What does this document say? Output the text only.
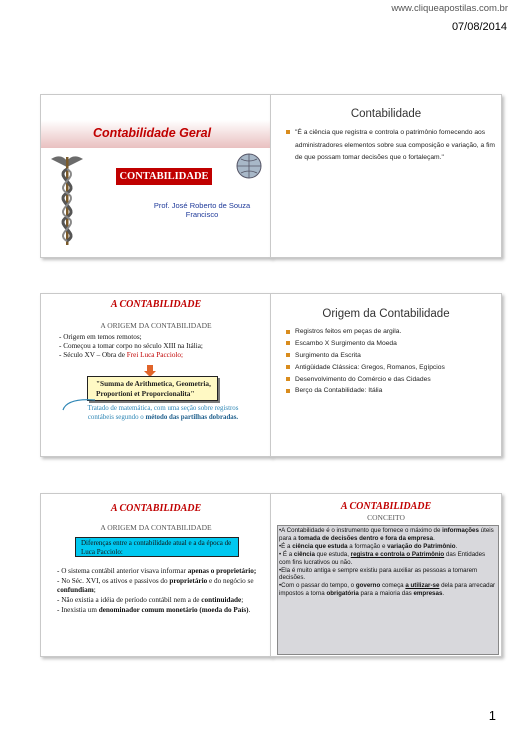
www.cliqueapostilas.com.br
07/08/2014
Contabilidade Geral
CONTABILIDADE
Prof. José Roberto de Souza
Francisco
Contabilidade
"É a ciência que registra e controla o patrimônio fornecendo aos administradores elementos sobre sua composição e variação, a fim de que possam tomar decisões que o fortaleçam."
A CONTABILIDADE
A ORIGEM DA CONTABILIDADE
- Origem em temos remotos;
- Começou a tomar corpo no século XIII na Itália;
- Século XV – Obra de Frei Luca Pacciolo;
"Summa de Arithmetica, Geometria,
Proportioni et Proporcionalita"
Tratado de matemática, com uma seção sobre registros
contábeis segundo o método das partilhas dobradas.
Origem da Contabilidade
Registros feitos em peças de argila.
Escambo X Surgimento da Moeda
Surgimento da Escrita
Antigüidade Clássica: Gregos, Romanos, Egípcios
Desenvolvimento do Comércio e das Cidades
Berço da Contabilidade: Itália
A CONTABILIDADE
A ORIGEM DA CONTABILIDADE
Diferenças entre a contabilidade atual e a da época de Luca Pacciolo:

- O sistema contábil anterior visava informar apenas o proprietário;

- No Séc. XVI, os ativos e passivos do proprietário e do negócio se confundiam;

- Não existia a idéia de período contábil nem a de continuidade;

- Inexistia um denominador comum monetário (moeda do País).

A CONTABILIDADE
CONCEITO

•A Contabilidade é o instrumento que fornece o máximo de informações úteis para a tomada de decisões dentro e fora da empresa.

•É a ciência que estuda a formação e variação do Patrimônio.

• É a ciência que estuda, registra e controla o Patrimônio das Entidades com fins lucrativos ou não.

•Ela é muito antiga e sempre existiu para auxiliar as pessoas a tomarem decisões.

•Com o passar do tempo, o governo começa a utilizar-se dela para arrecadar impostos a torna obrigatória para a maioria das empresas.

1
